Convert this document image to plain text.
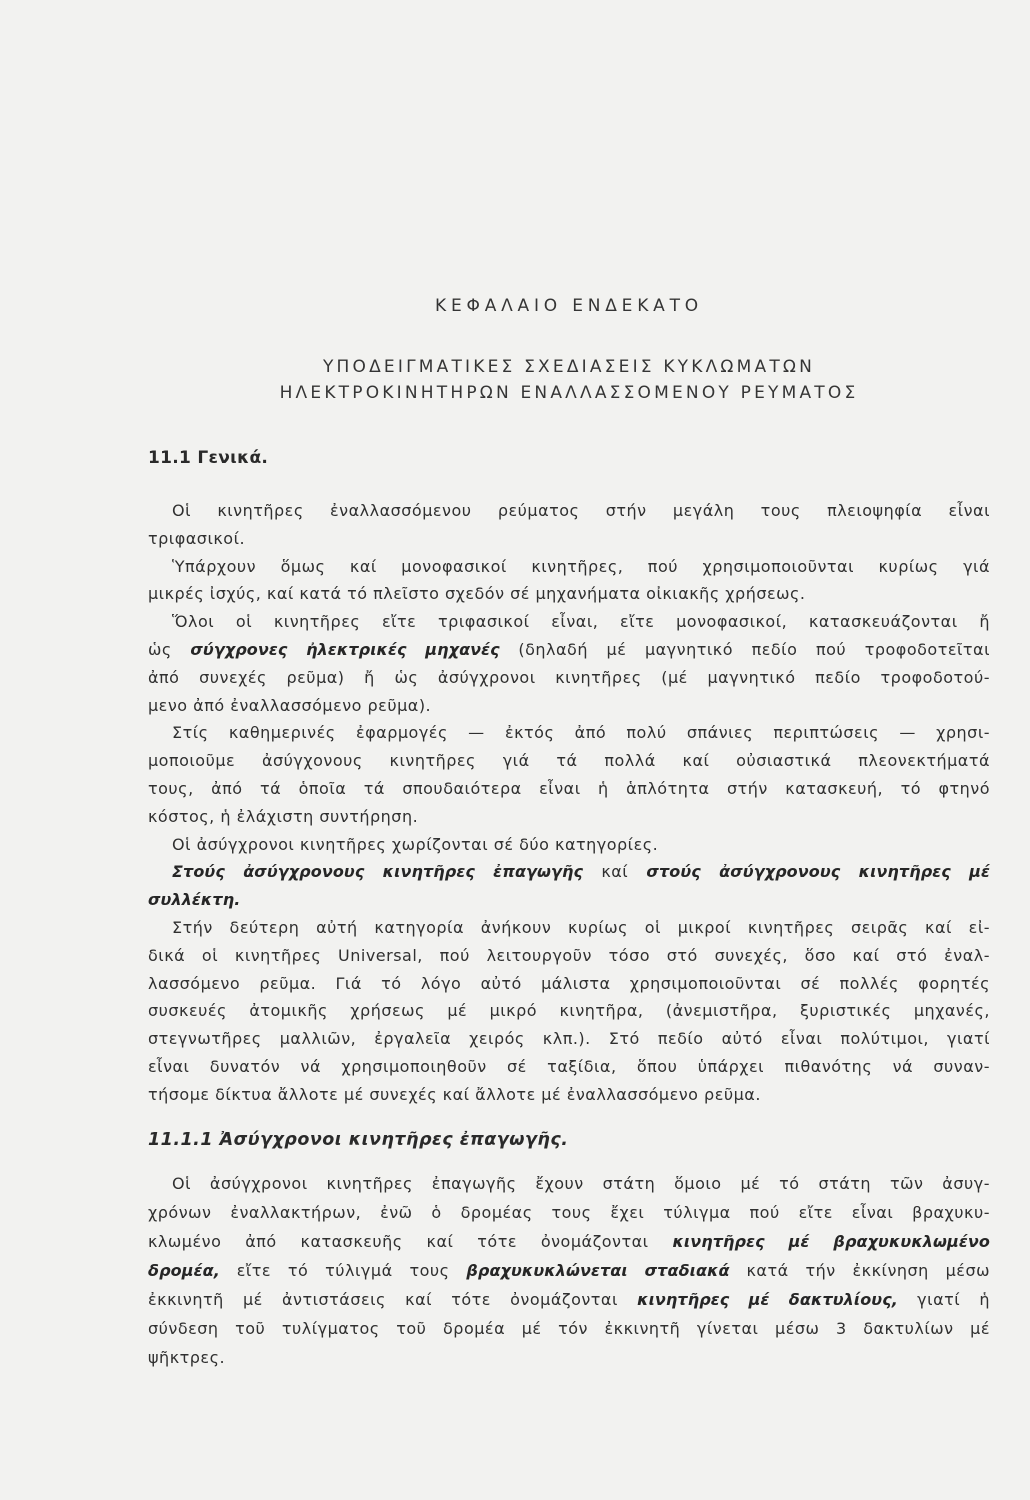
ΚΕΦΑΛΑΙΟ ΕΝΔΕΚΑΤΟ
ΥΠΟΔΕΙΓΜΑΤΙΚΕΣ ΣΧΕΔΙΑΣΕΙΣ ΚΥΚΛΩΜΑΤΩΝ
ΗΛΕΚΤΡΟΚΙΝΗΤΗΡΩΝ ΕΝΑΛΛΑΣΣΟΜΕΝΟΥ ΡΕΥΜΑΤΟΣ
11.1 Γενικά.
Οἱ κινητῆρες ἐναλλασσόμενου ρεύματος στήν μεγάλη τους πλειοψηφία εἶναι
τριφασικοί.
Ὑπάρχουν ὅμως καί μονοφασικοί κινητῆρες, πού χρησιμοποιοῦνται κυρίως γιά
μικρές ἰσχύς, καί κατά τό πλεῖστο σχεδόν σέ μηχανήματα οἰκιακῆς χρήσεως.
Ὅλοι οἱ κινητῆρες εἴτε τριφασικοί εἶναι, εἴτε μονοφασικοί, κατασκευάζονται ἤ
ὡς σύγχρονες ἠλεκτρικές μηχανές (δηλαδή μέ μαγνητικό πεδίο πού τροφοδοτεῖται
ἀπό συνεχές ρεῦμα) ἤ ὡς ἀσύγχρονοι κινητῆρες (μέ μαγνητικό πεδίο τροφοδοτού-
μενο ἀπό ἐναλλασσόμενο ρεῦμα).
Στίς καθημερινές ἐφαρμογές — ἐκτός ἀπό πολύ σπάνιες περιπτώσεις — χρησι-
μοποιοῦμε ἀσύγχονους κινητῆρες γιά τά πολλά καί οὐσιαστικά πλεονεκτήματά
τους, ἀπό τά ὁποῖα τά σπουδαιότερα εἶναι ἡ ἁπλότητα στήν κατασκευή, τό φτηνό
κόστος, ἡ ἐλάχιστη συντήρηση.
Οἱ ἀσύγχρονοι κινητῆρες χωρίζονται σέ δύο κατηγορίες.
Στούς ἀσύγχρονους κινητῆρες ἐπαγωγῆς καί στούς ἀσύγχρονους κινητῆρες μέ
συλλέκτη.
Στήν δεύτερη αὐτή κατηγορία ἀνήκουν κυρίως οἱ μικροί κινητῆρες σειρᾶς καί εἰ-
δικά οἱ κινητῆρες Universal, πού λειτουργοῦν τόσο στό συνεχές, ὅσο καί στό ἐναλ-
λασσόμενο ρεῦμα. Γιά τό λόγο αὐτό μάλιστα χρησιμοποιοῦνται σέ πολλές φορητές
συσκευές ἀτομικῆς χρήσεως μέ μικρό κινητῆρα, (ἀνεμιστῆρα, ξυριστικές μηχανές,
στεγνωτῆρες μαλλιῶν, ἐργαλεῖα χειρός κλπ.). Στό πεδίο αὐτό εἶναι πολύτιμοι, γιατί
εἶναι δυνατόν νά χρησιμοποιηθοῦν σέ ταξίδια, ὅπου ὑπάρχει πιθανότης νά συναν-
τήσομε δίκτυα ἄλλοτε μέ συνεχές καί ἄλλοτε μέ ἐναλλασσόμενο ρεῦμα.
11.1.1 Ἀσύγχρονοι κινητῆρες ἐπαγωγῆς.
Οἱ ἀσύγχρονοι κινητῆρες ἐπαγωγῆς ἔχουν στάτη ὅμοιο μέ τό στάτη τῶν ἀσυγ-
χρόνων ἐναλλακτήρων, ἐνῶ ὁ δρομέας τους ἔχει τύλιγμα πού εἴτε εἶναι βραχυκυ-
κλωμένο ἀπό κατασκευῆς καί τότε ὀνομάζονται κινητῆρες μέ βραχυκυκλωμένο
δρομέα, εἴτε τό τύλιγμά τους βραχυκυκλώνεται σταδιακά κατά τήν ἐκκίνηση μέσω
ἐκκινητῆ μέ ἀντιστάσεις καί τότε ὀνομάζονται κινητῆρες μέ δακτυλίους, γιατί ἡ
σύνδεση τοῦ τυλίγματος τοῦ δρομέα μέ τόν ἐκκινητῆ γίνεται μέσω 3 δακτυλίων μέ
ψῆκτρες.
